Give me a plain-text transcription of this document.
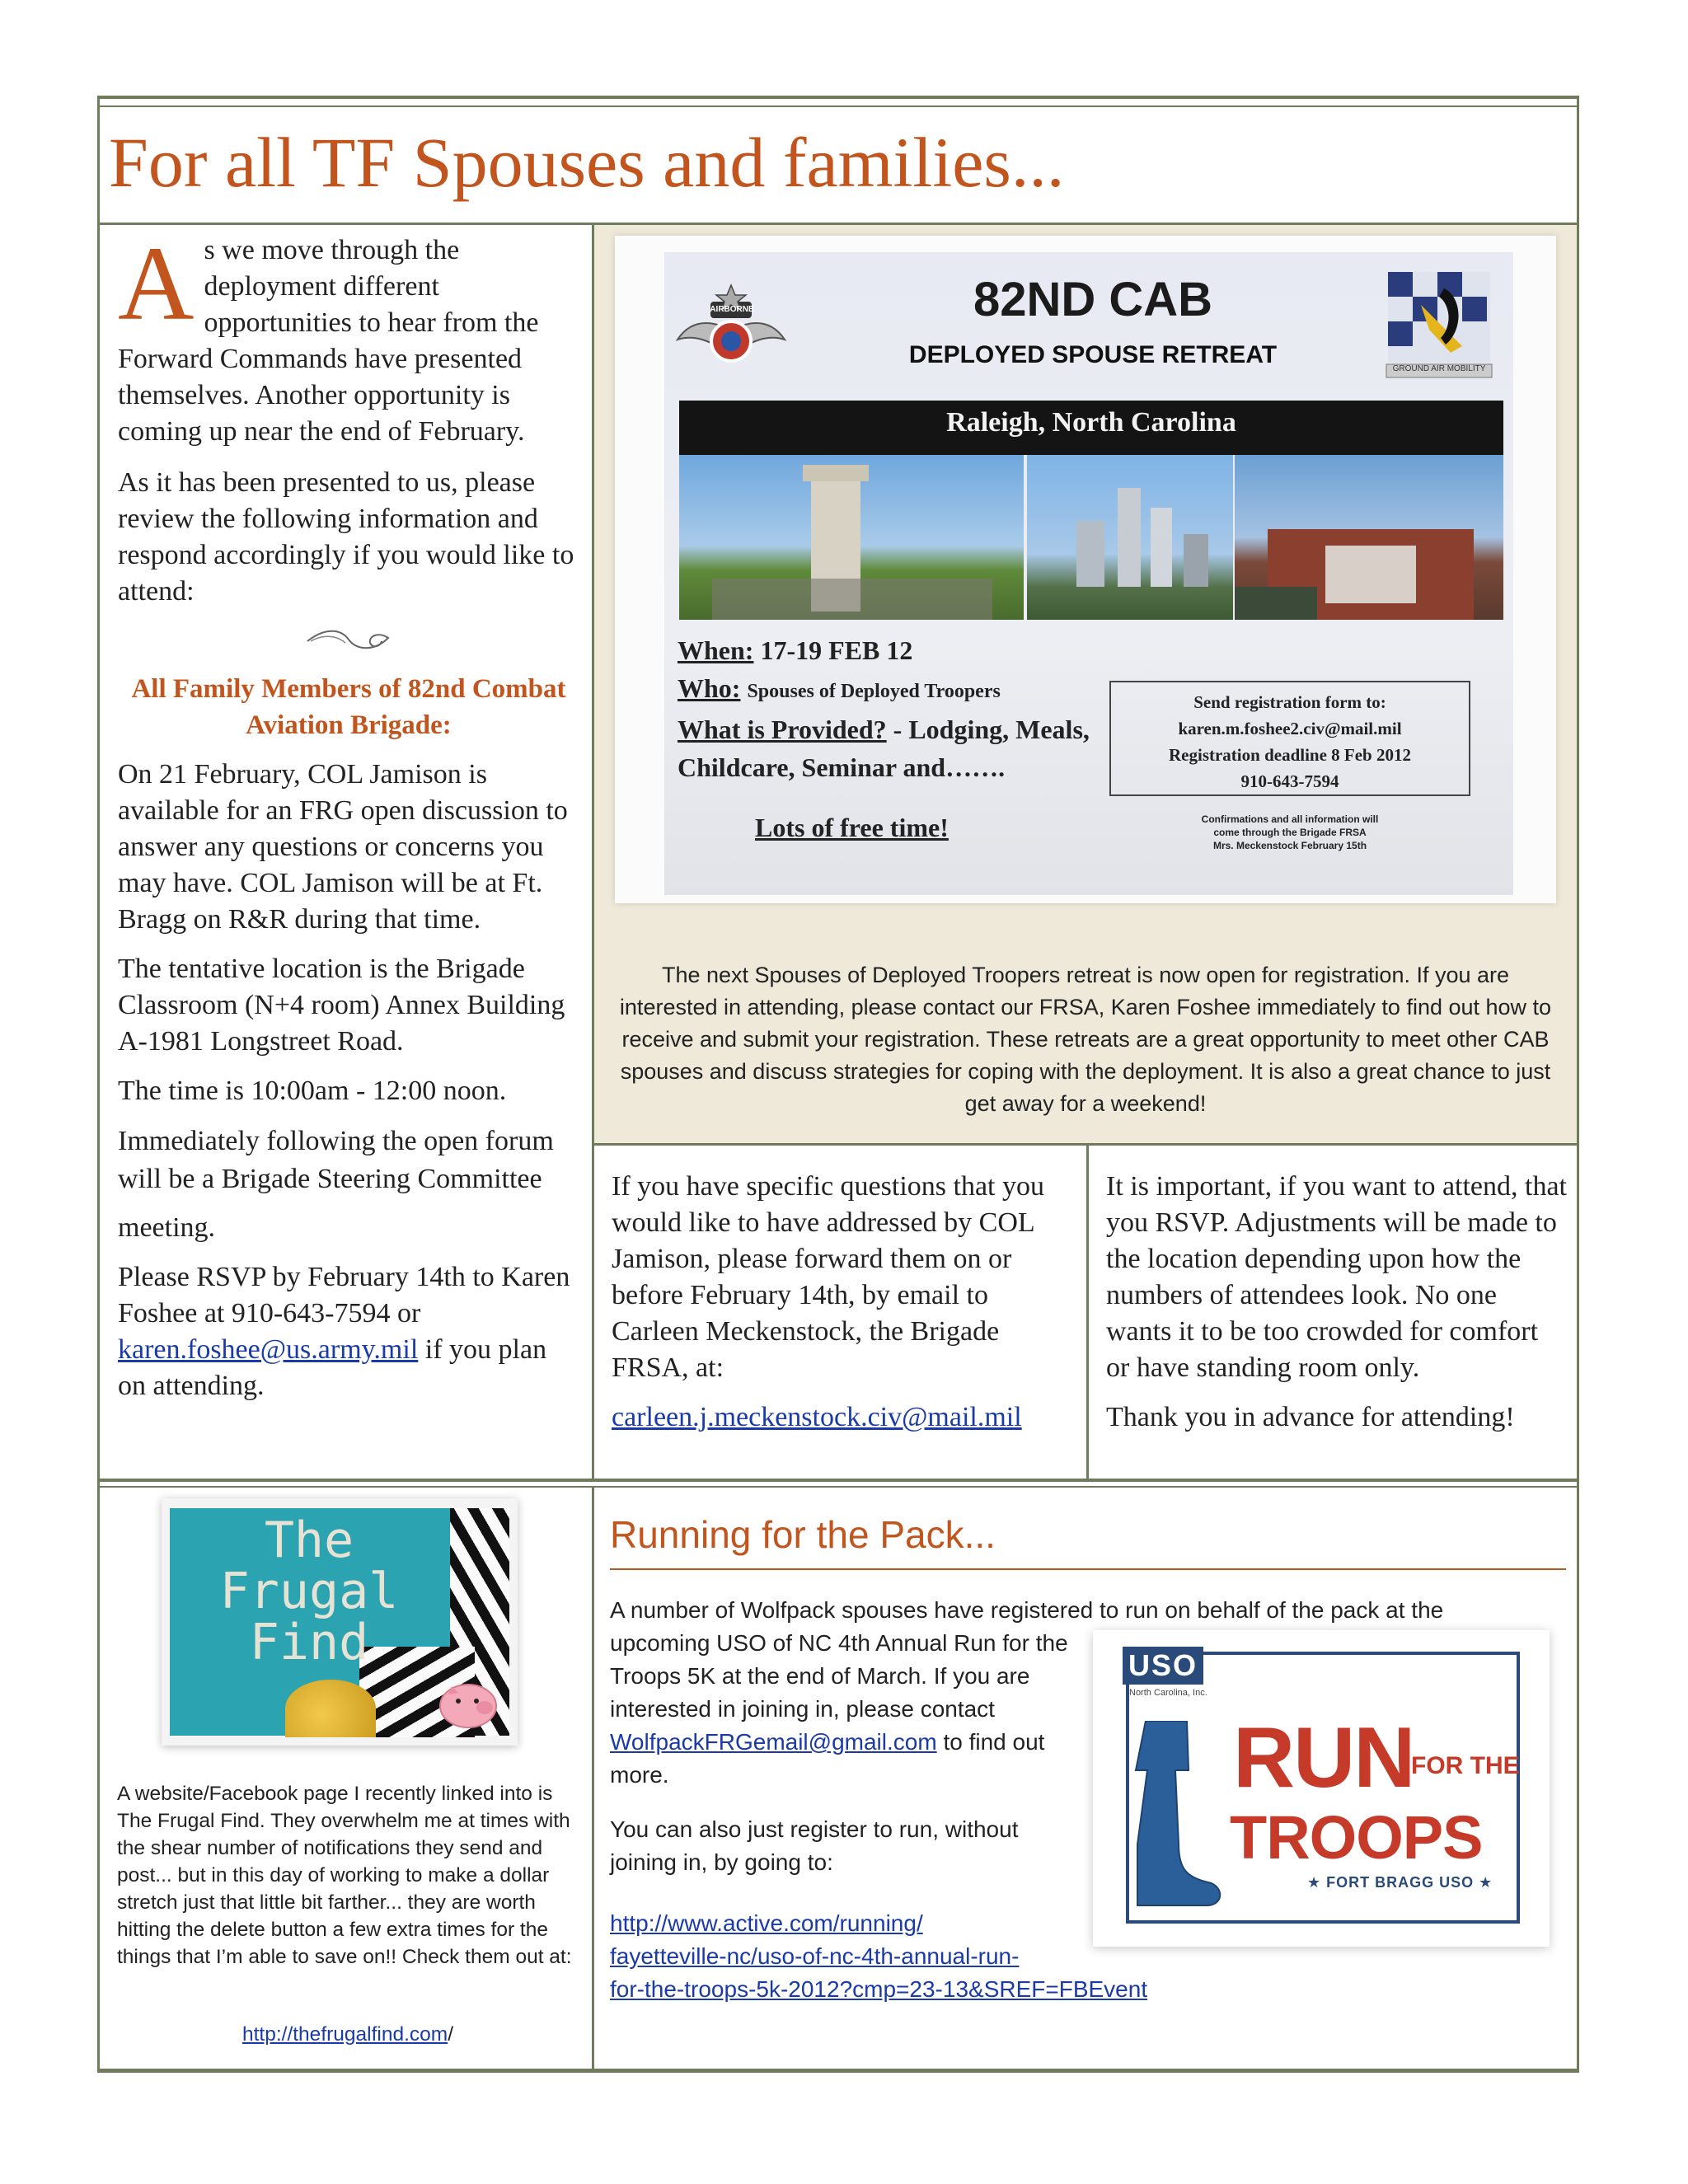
For all TF Spouses and families...

As we move through the deployment different opportunities to hear from the Forward Commands have presented themselves. Another opportunity is coming up near the end of February.

As it has been presented to us, please review the following information and respond accordingly if you would like to attend:

All Family Members of 82nd Combat Aviation Brigade:

On 21 February, COL Jamison is available for an FRG open discussion to answer any questions or concerns you may have. COL Jamison will be at Ft. Bragg on R&R during that time.

The tentative location is the Brigade Classroom (N+4 room) Annex Building A-1981 Longstreet Road.

The time is 10:00am - 12:00 noon.

Immediately following the open forum will be a Brigade Steering Committee

meeting.

Please RSVP by February 14th to Karen Foshee at 910-643-7594 or karen.foshee@us.army.mil if you plan on attending.

AIRBORNE
GROUND AIR MOBILITY
82ND CAB
DEPLOYED SPOUSE RETREAT
Raleigh, North Carolina
When: 17-19 FEB 12
Who: Spouses of Deployed Troopers
What is Provided? - Lodging, Meals, Childcare, Seminar and…….
Lots of free time!
Send registration form to:
karen.m.foshee2.civ@mail.mil
Registration deadline 8 Feb 2012
910-643-7594
Confirmations and all information will
come through the Brigade FRSA
Mrs. Meckenstock February 15th
The next Spouses of Deployed Troopers retreat is now open for registration. If you are interested in attending, please contact our FRSA, Karen Foshee immediately to find out how to receive and submit your registration. These retreats are a great opportunity to meet other CAB spouses and discuss strategies for coping with the deployment. It is also a great chance to just get away for a weekend!

If you have specific questions that you would like to have addressed by COL Jamison, please forward them on or before February 14th, by email to Carleen Meckenstock, the Brigade FRSA, at:

carleen.j.meckenstock.civ@mail.mil

It is important, if you want to attend, that you RSVP. Adjustments will be made to the location depending upon how the numbers of attendees look. No one wants it to be too crowded for comfort or have standing room only.

Thank you in advance for attending!

The
Frugal
Find
A website/Facebook page I recently linked into is The Frugal Find. They overwhelm me at times with the shear number of notifications they send and post... but in this day of working to make a dollar stretch just that little bit farther... they are worth hitting the delete button a few extra times for the things that I’m able to save on!! Check them out at:
http://thefrugalfind.com/
Running for the Pack...
A number of Wolfpack spouses have registered to run on behalf of the pack at the

upcoming USO of NC 4th Annual Run for the Troops 5K at the end of March. If you are interested in joining in, please contact WolfpackFRGemail@gmail.com to find out more.

You can also just register to run, without joining in, by going to:

http://www.active.com/running/
fayetteville-nc/uso-of-nc-4th-annual-run-
for-the-troops-5k-2012?cmp=23-13&SREF=FBEvent
USO
North Carolina, Inc.
RUN
FOR THE
TROOPS
★ FORT BRAGG USO ★
